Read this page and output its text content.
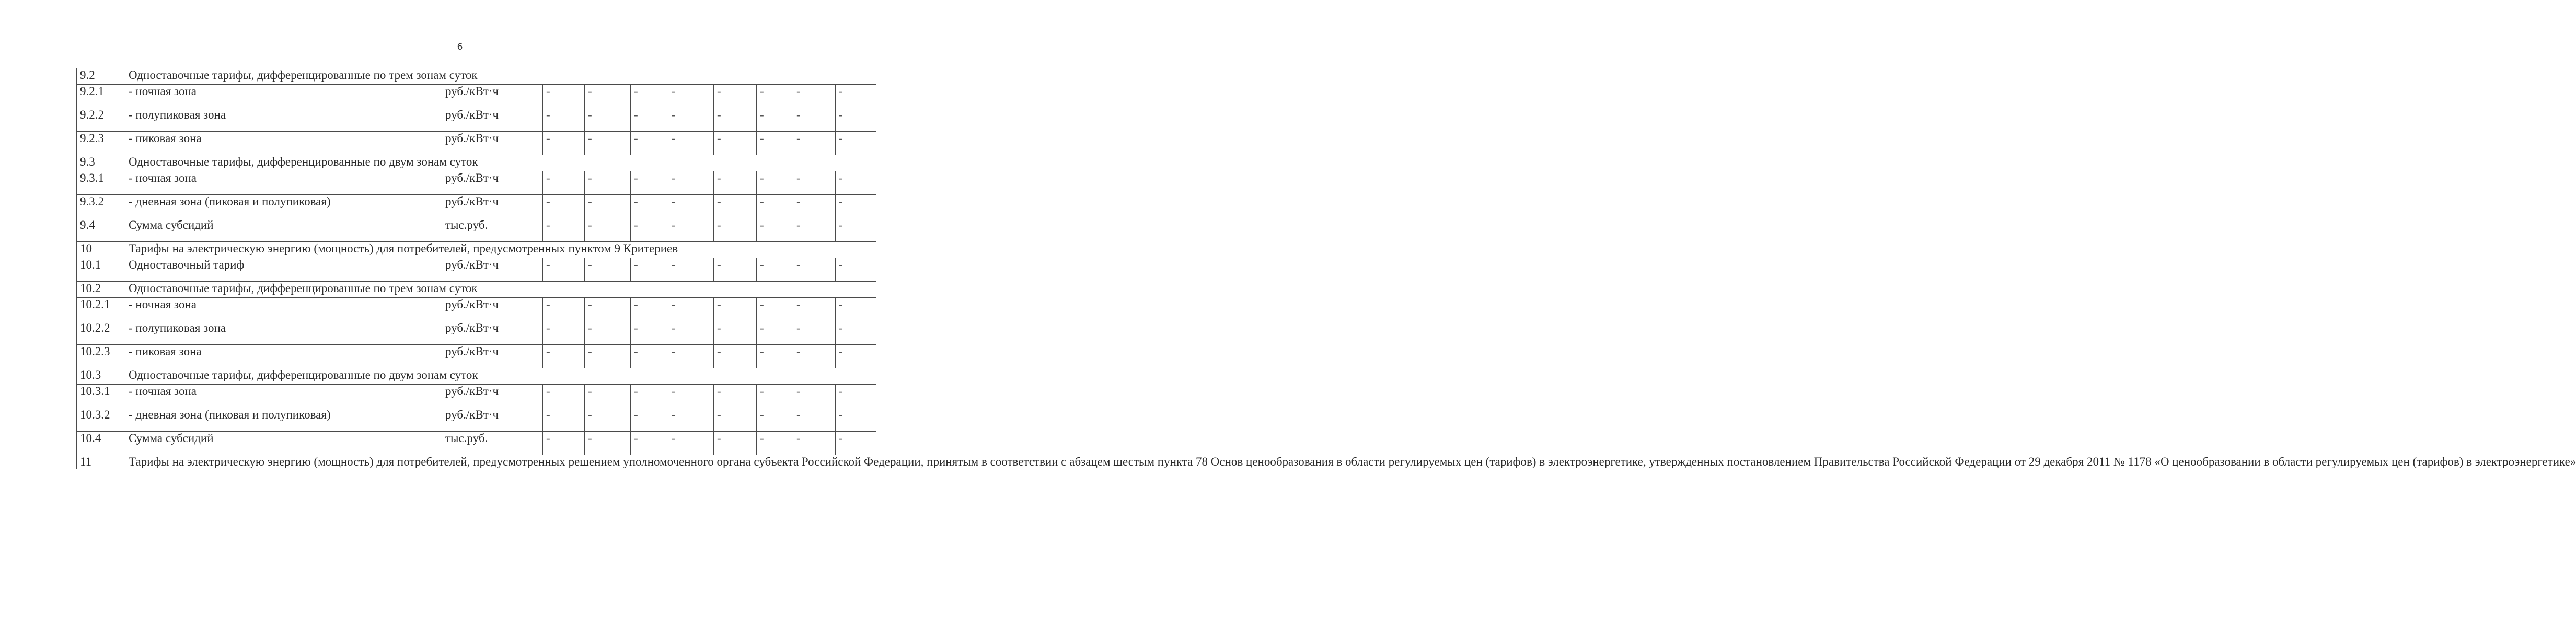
6
9.2	Одноставочные тарифы, дифференцированные по трем зонам суток									
9.2.1	- ночная зона	руб./кВт·ч	-	-	-	-	-	-	-	-
9.2.2	- полупиковая зона	руб./кВт·ч	-	-	-	-	-	-	-	-
9.2.3	- пиковая зона	руб./кВт·ч	-	-	-	-	-	-	-	-
9.3	Одноставочные тарифы, дифференцированные по двум зонам суток									
9.3.1	- ночная зона	руб./кВт·ч	-	-	-	-	-	-	-	-
9.3.2	- дневная зона (пиковая и полупиковая)	руб./кВт·ч	-	-	-	-	-	-	-	-
9.4	Сумма субсидий	тыс.руб.	-	-	-	-	-	-	-	-
10	Тарифы на электрическую энергию (мощность) для потребителей, предусмотренных пунктом 9 Критериев									
10.1	Одноставочный тариф	руб./кВт·ч	-	-	-	-	-	-	-	-
10.2	Одноставочные тарифы, дифференцированные по трем зонам суток									
10.2.1	- ночная зона	руб./кВт·ч	-	-	-	-	-	-	-	-
10.2.2	- полупиковая зона	руб./кВт·ч	-	-	-	-	-	-	-	-
10.2.3	- пиковая зона	руб./кВт·ч	-	-	-	-	-	-	-	-
10.3	Одноставочные тарифы, дифференцированные по двум зонам суток									
10.3.1	- ночная зона	руб./кВт·ч	-	-	-	-	-	-	-	-
10.3.2	- дневная зона (пиковая и полупиковая)	руб./кВт·ч	-	-	-	-	-	-	-	-
10.4	Сумма субсидий	тыс.руб.	-	-	-	-	-	-	-	-
11	Тарифы на электрическую энергию (мощность) для потребителей, предусмотренных решением уполномоченного органа субъекта Российской Федерации, принятым в соответствии с абзацем шестым пункта 78 Основ ценообразования в области регулируемых цен (тарифов) в электроэнергетике, утвержденных постановлением Правительства Российской Федерации от 29 декабря 2011 № 1178 «О ценообразовании в области регулируемых цен (тарифов) в электроэнергетике»									
